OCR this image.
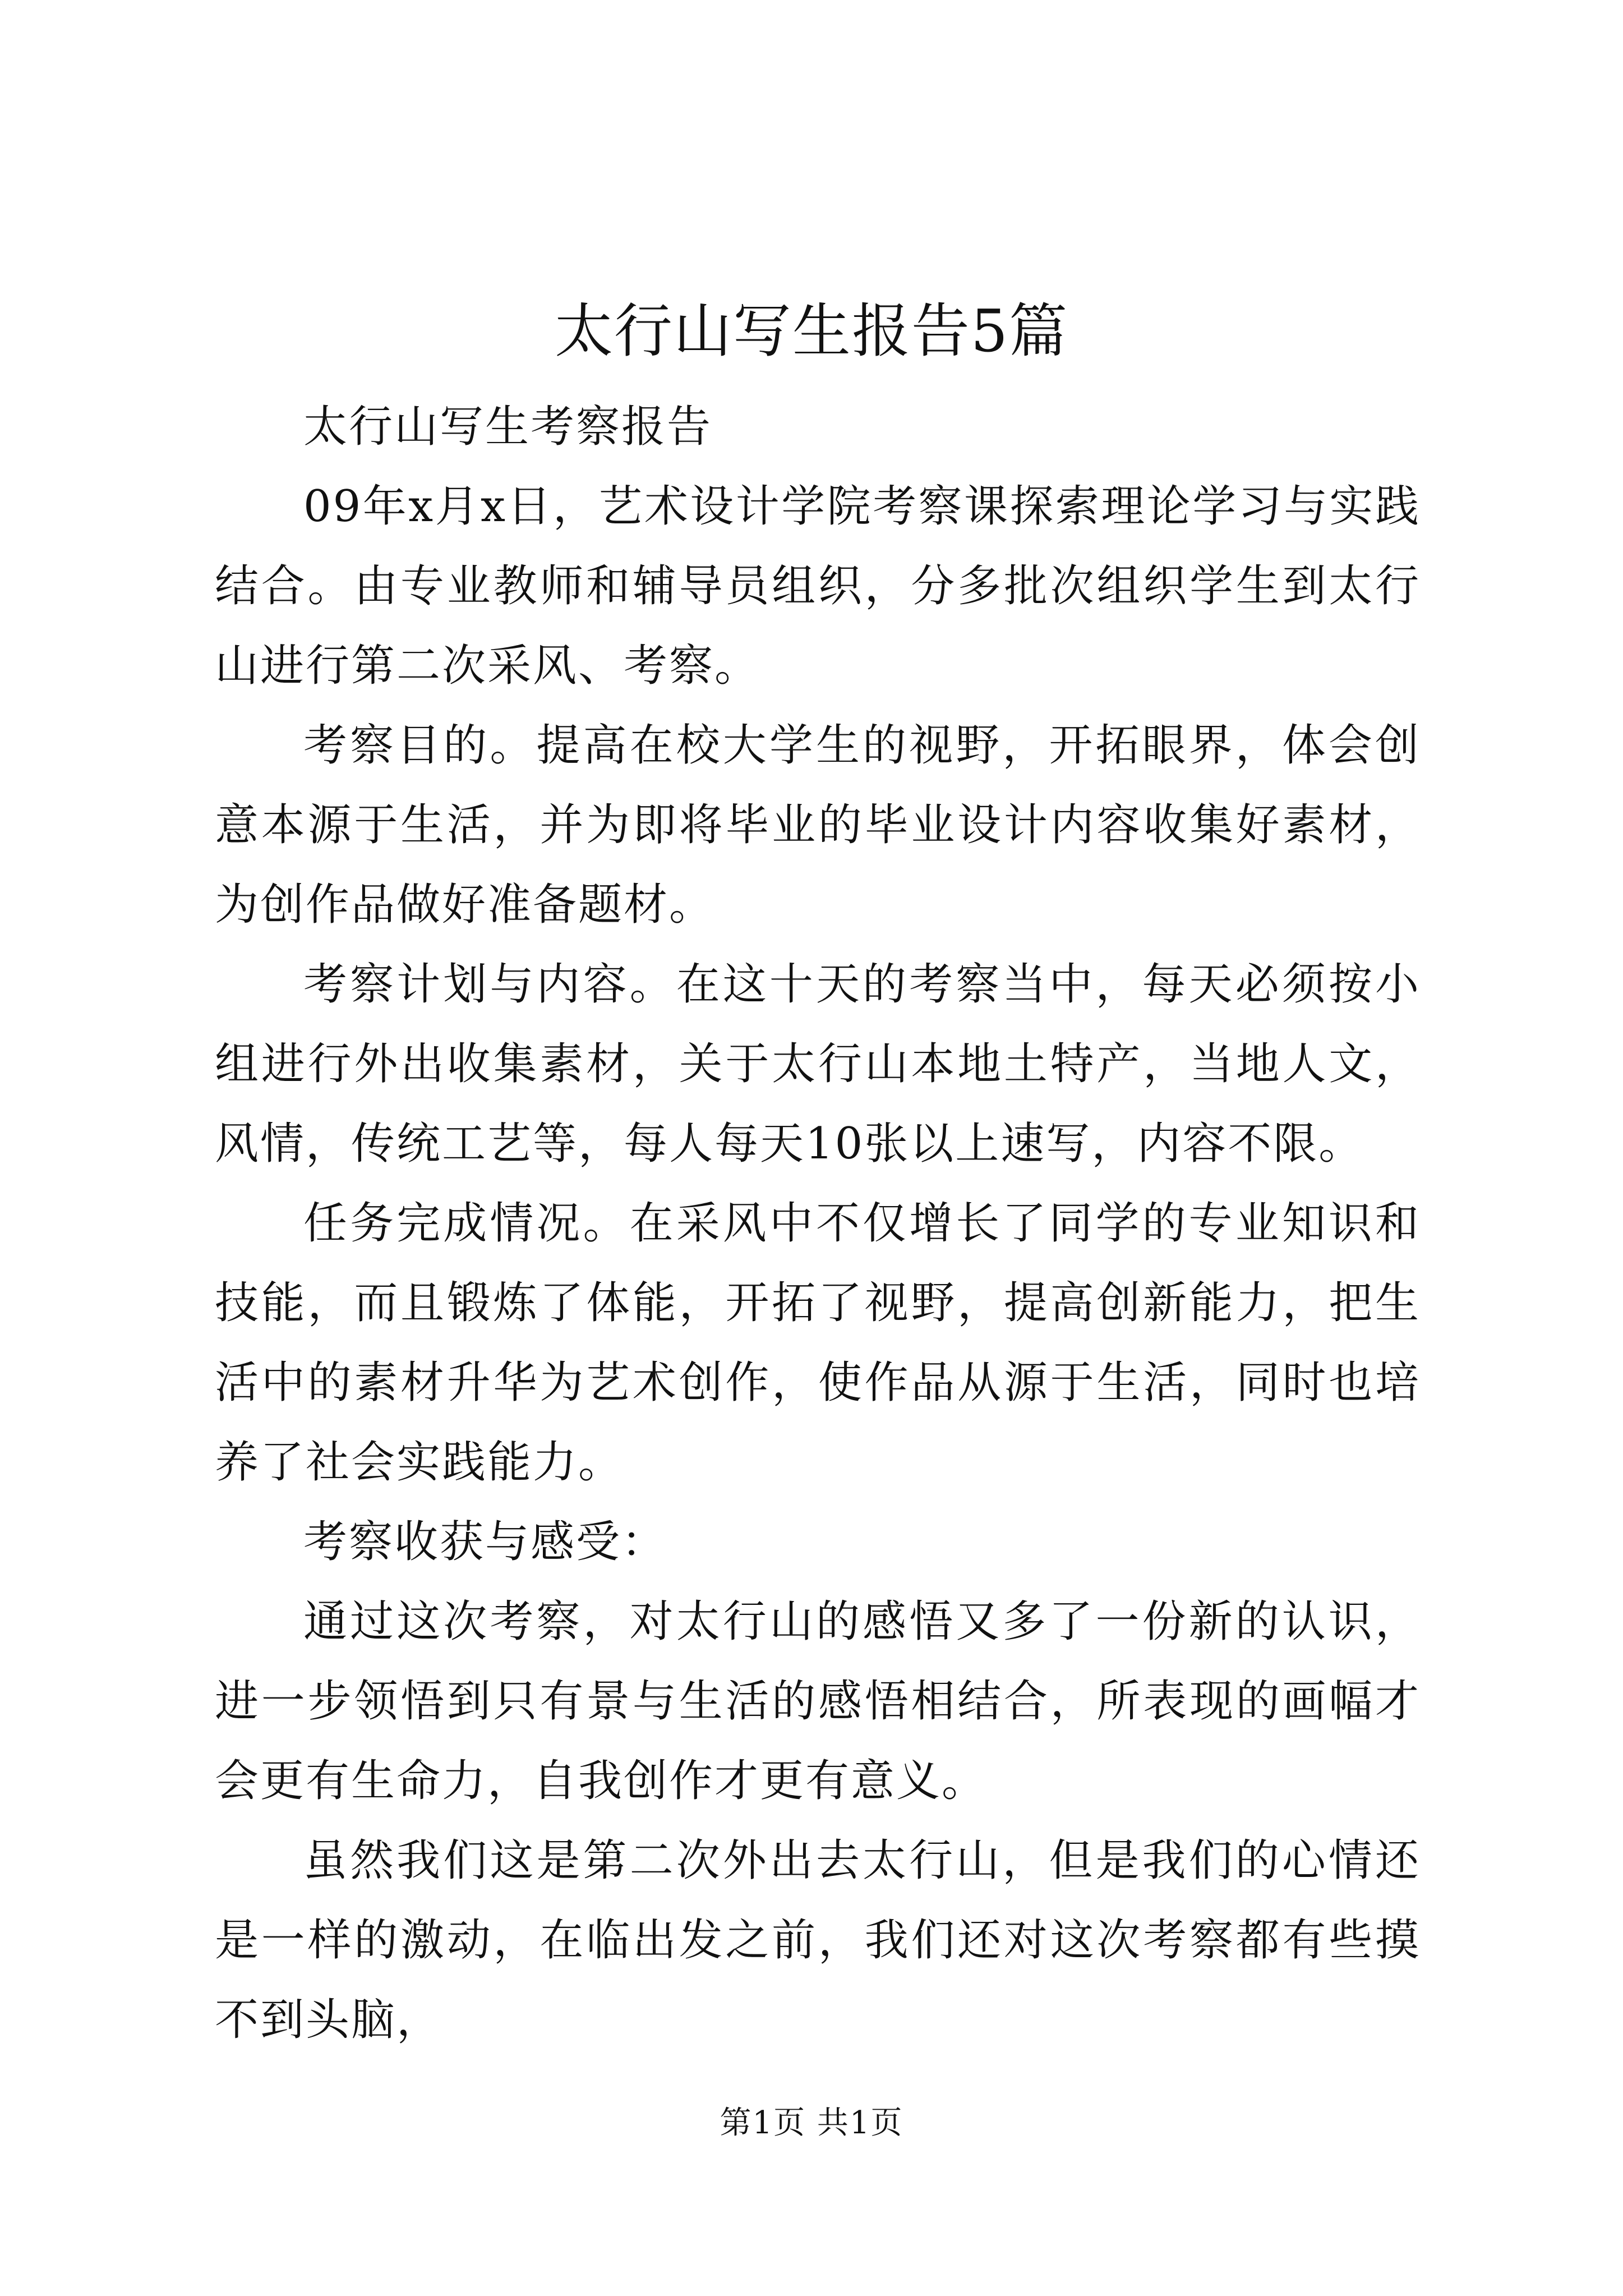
太行山写生报告5篇

太行山写生考察报告

09年x月x日，艺术设计学院考察课探索理论学习与实践结合。由专业教师和辅导员组织，分多批次组织学生到太行山进行第二次采风、考察。

考察目的。提高在校大学生的视野，开拓眼界，体会创意本源于生活，并为即将毕业的毕业设计内容收集好素材，为创作品做好准备题材。

考察计划与内容。在这十天的考察当中，每天必须按小组进行外出收集素材，关于太行山本地土特产，当地人文，风情，传统工艺等，每人每天10张以上速写，内容不限。

任务完成情况。在采风中不仅增长了同学的专业知识和技能，而且锻炼了体能，开拓了视野，提高创新能力，把生活中的素材升华为艺术创作，使作品从源于生活，同时也培养了社会实践能力。

考察收获与感受：

通过这次考察，对太行山的感悟又多了一份新的认识，进一步领悟到只有景与生活的感悟相结合，所表现的画幅才会更有生命力，自我创作才更有意义。

虽然我们这是第二次外出去太行山，但是我们的心情还是一样的激动，在临出发之前，我们还对这次考察都有些摸不到头脑，

第1页 共1页
